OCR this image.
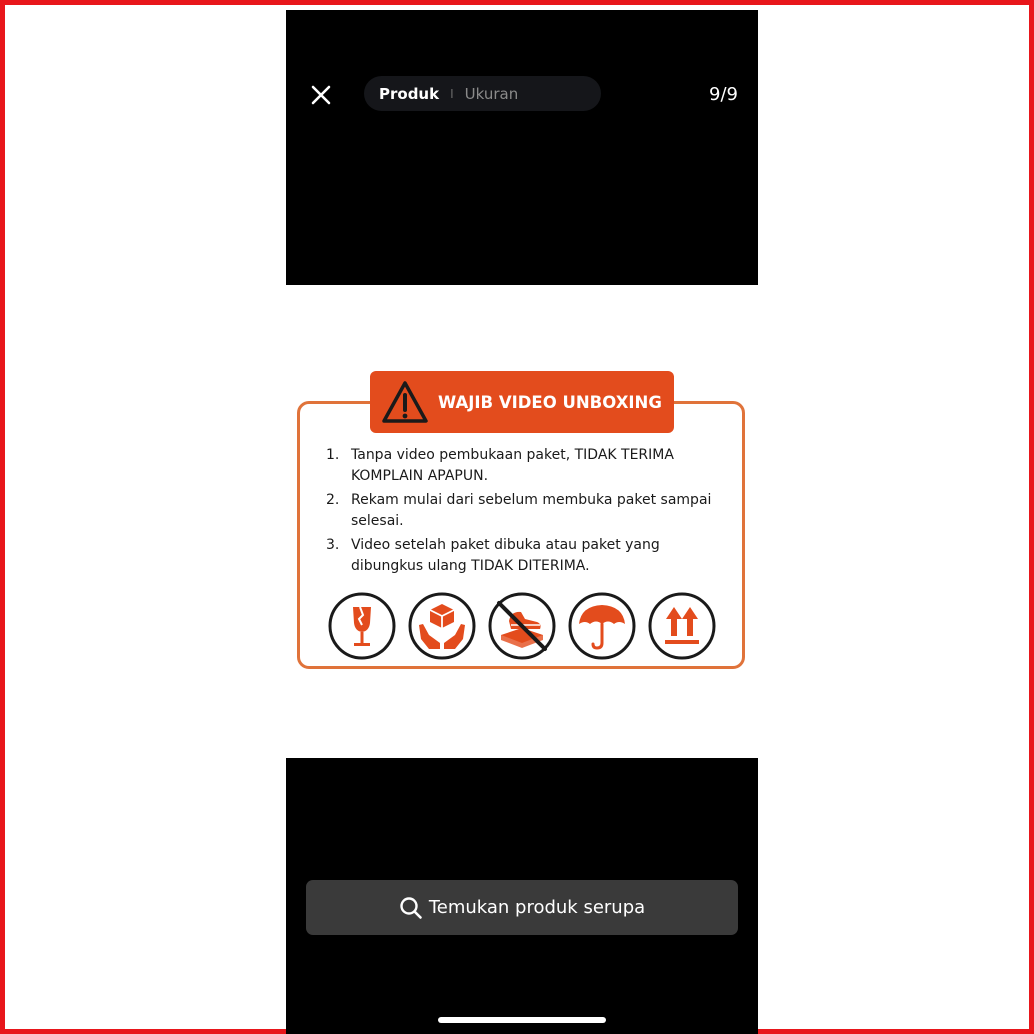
Produk I Ukuran	9/9
WAJIB VIDEO UNBOXING
1. Tanpa video pembukaan paket, TIDAK TERIMA KOMPLAIN APAPUN.
2. Rekam mulai dari sebelum membuka paket sampai selesai.
3. Video setelah paket dibuka atau paket yang dibungkus ulang TIDAK DITERIMA.
Temukan produk serupa
